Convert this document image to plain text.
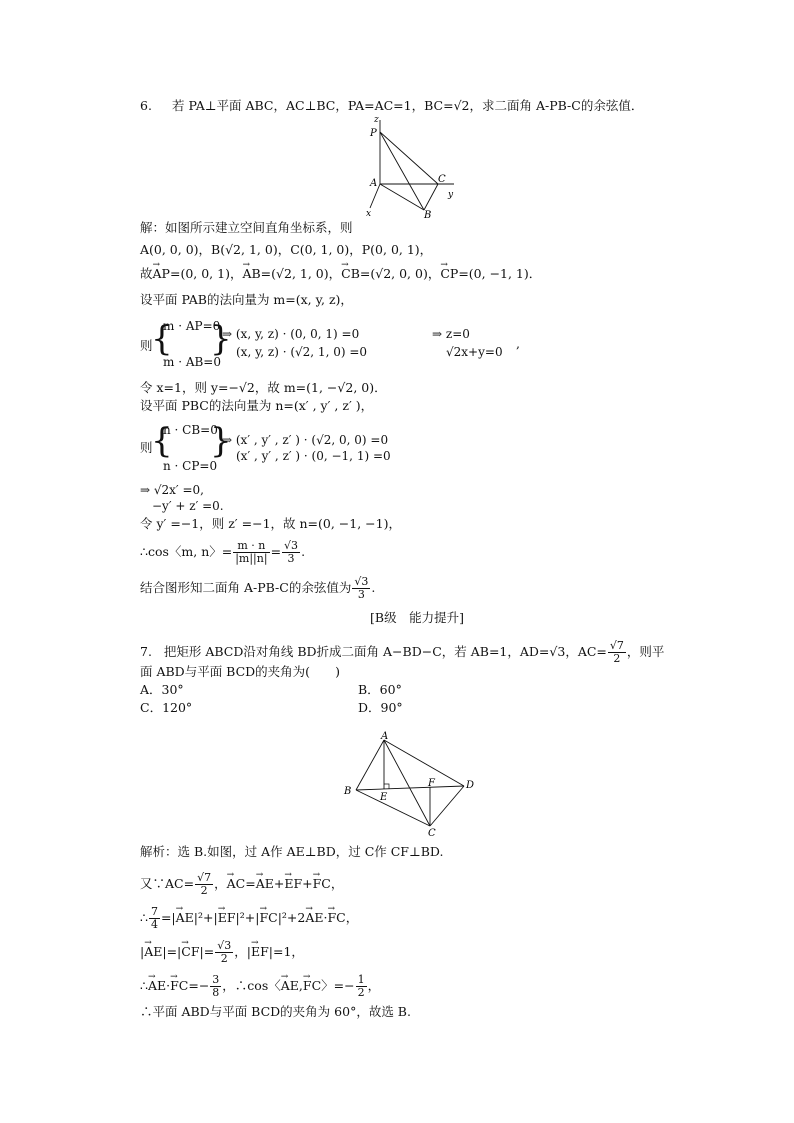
6. 若 PA⊥平面 ABC，AC⊥BC，PA=AC=1，BC=√2，求二面角 A-PB-C的余弦值．
z
P
A	C
y
x	B
解：如图所示建立空间直角坐标系，则
A(0, 0, 0)，B(√2, 1, 0)，C(0, 1, 0)，P(0, 0, 1)，
故→ AP=(0, 0, 1)，→ AB=(√2, 1, 0)，→ CB=(√2, 0, 0)，→ CP=(0, −1, 1)．
设平面 PAB的法向量为 m=(x, y, z)，
则
{
m · AP=0
m · AB=0
}
⇒ (x, y, z) · (0, 0, 1) =0
(x, y, z) · (√2, 1, 0) =0
⇒ z=0
√2x+y=0
,
令 x=1，则 y=−√2，故 m=(1, −√2, 0)．
设平面 PBC的法向量为 n=(x′ , y′ , z′ )，
则
{
n · CB=0
n · CP=0
}
⇒ (x′ , y′ , z′ ) · (√2, 0, 0) =0
(x′ , y′ , z′ ) · (0, −1, 1) =0
⇒ √2x′ =0,
−y′ + z′ =0.
令 y′ =−1，则 z′ =−1，故 n=(0, −1, −1)，
∴cos〈m, n〉= $\frac{m \cdot n}{|m||n|} = \frac{√3}{3}$ .
结合图形知二面角 A-PB-C的余弦值为 $\frac{√3}{3}$ .
[B级　能力提升]
7. 把矩形 ABCD沿对角线 BD折成二面角 A−BD−C，若 AB=1，AD=√3，$AC= \frac{√7}{2}$ ，则平
面 ABD与平面 BCD的夹角为(　　)
A．30°	B．60°
C．120°	D．90°
A
B
E
F	D
C
解析：选 B.如图，过 A作 AE⊥BD，过 C作 CF⊥BD.
又∵AC= $\frac{√7}{2}$ ，→ AC=→ AE+→ EF+→ FC，
∴ $\frac{7}{4}$ =|→ AE|²+|→ EF|²+|→ FC|²+2→ AE·→ FC，
|→ $AE|=|\to CF|= \frac{√3}{2}$ ，|→ EF|=1，
∴→ $AE\cdot\to FC=- \frac{3}{8}$ ，∴cos〈→ AE,→ FC〉=− $\frac{1}{2}$ ，
∴平面 ABD与平面 BCD的夹角为 60°，故选 B.
